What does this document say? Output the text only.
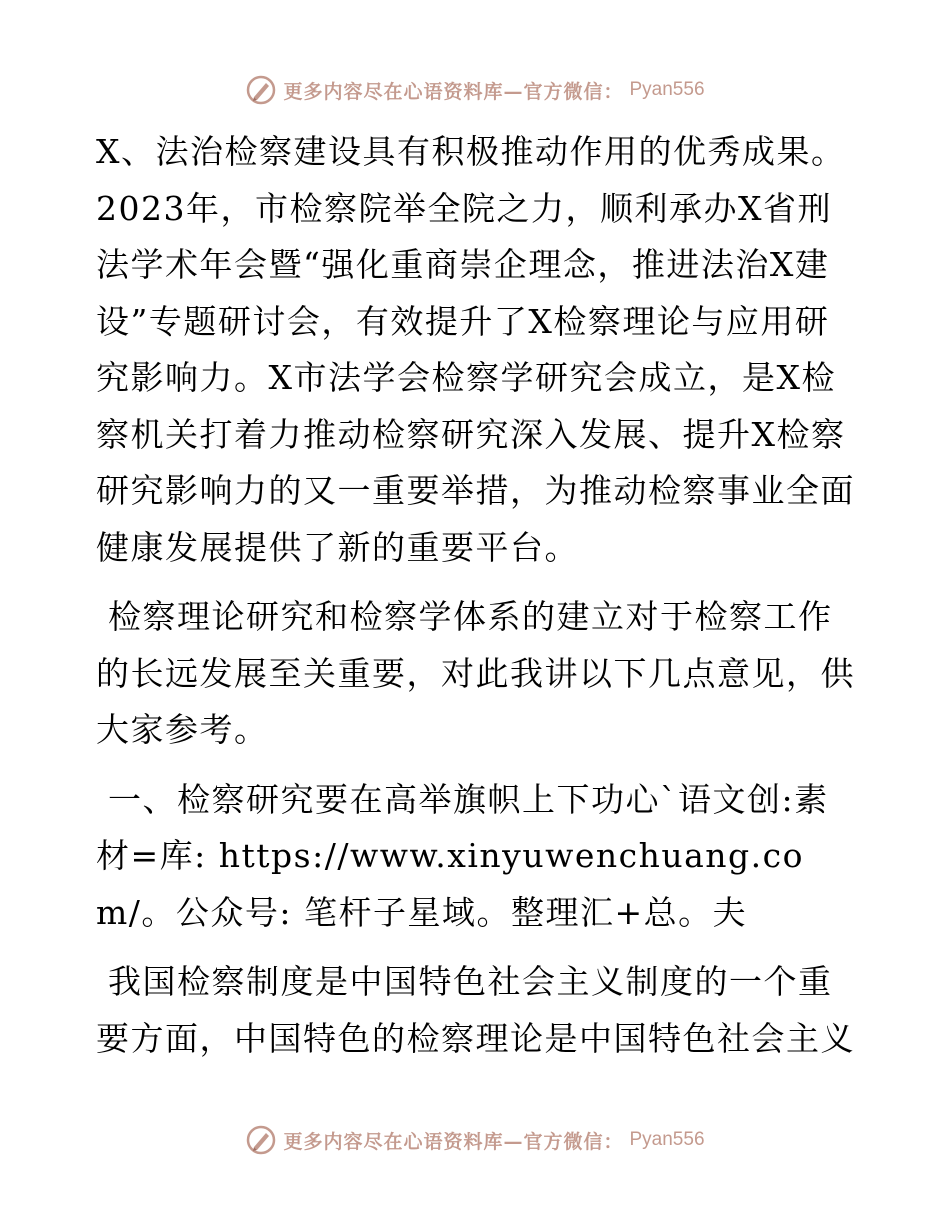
更多内容尽在心语资料库—官方微信： Pyan556

X、法治检察建设具有积极推动作用的优秀成果。2023年，市检察院举全院之力，顺利承办X省刑法学术年会暨“强化重商崇企理念，推进法治X建设”专题研讨会，有效提升了X检察理论与应用研究影响力。X市法学会检察学研究会成立，是X检察机关打着力推动检察研究深入发展、提升X检察研究影响力的又一重要举措，为推动检察事业全面健康发展提供了新的重要平台。

检察理论研究和检察学体系的建立对于检察工作的长远发展至关重要，对此我讲以下几点意见，供大家参考。

一、检察研究要在高举旗帜上下功心`语文创:素材=库: https://www.xinyuwenchuang.com/。公众号: 笔杆子星域。整理汇+总。夫

我国检察制度是中国特色社会主义制度的一个重要方面，中国特色的检察理论是中国特色社会主义

更多内容尽在心语资料库—官方微信： Pyan556
